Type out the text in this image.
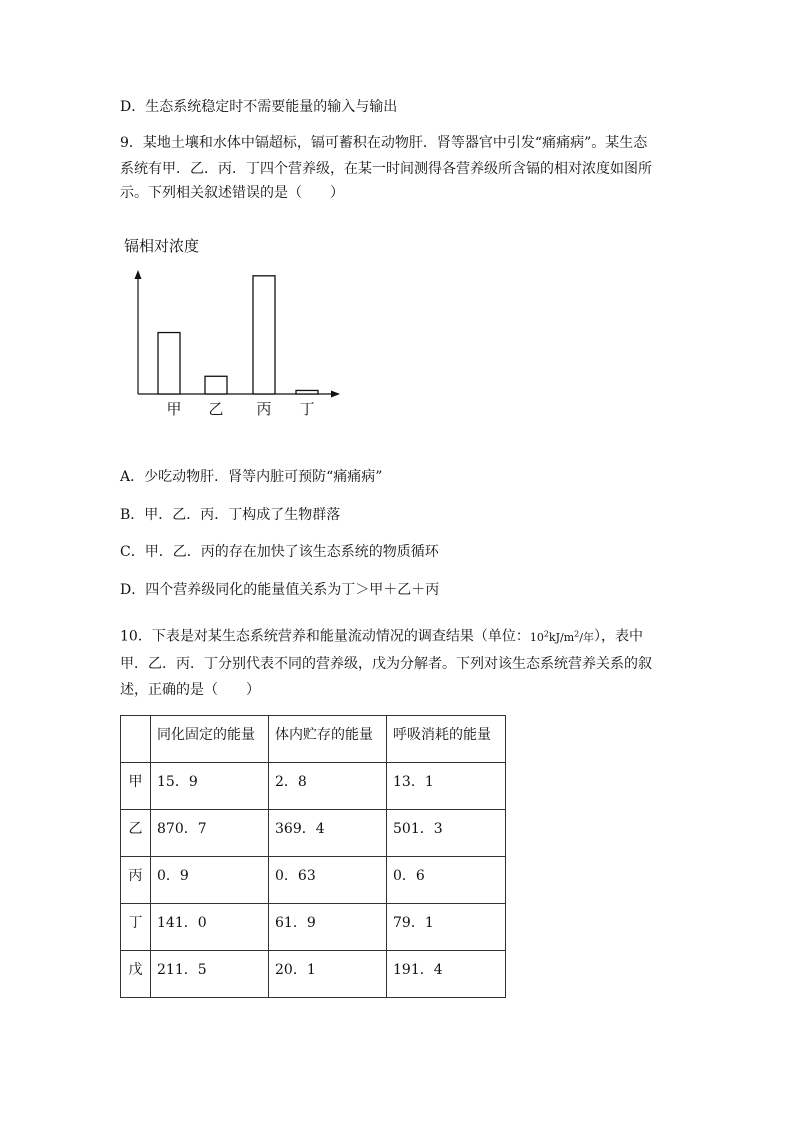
D．生态系统稳定时不需要能量的输入与输出
9．某地土壤和水体中镉超标，镉可蓄积在动物肝．肾等器官中引发“痛痛病”。某生态
系统有甲．乙．丙．丁四个营养级，在某一时间测得各营养级所含镉的相对浓度如图所
示。下列相关叙述错误的是（　　）
镉相对浓度
甲 乙 丙 丁
A．少吃动物肝．肾等内脏可预防“痛痛病”
B．甲．乙．丙．丁构成了生物群落
C．甲．乙．丙的存在加快了该生态系统的物质循环
D．四个营养级同化的能量值关系为丁＞甲＋乙＋丙
10．下表是对某生态系统营养和能量流动情况的调查结果（单位：$10^2kJ/m^2/$年），表中
甲．乙．丙．丁分别代表不同的营养级，戊为分解者。下列对该生态系统营养关系的叙
述，正确的是（　　）
	同化固定的能量	体内贮存的能量	呼吸消耗的能量
甲	15．9	2．8	13．1
乙	870．7	369．4	501．3
丙	0．9	0．63	0．6
丁	141．0	61．9	79．1
戊	211．5	20．1	191．4
